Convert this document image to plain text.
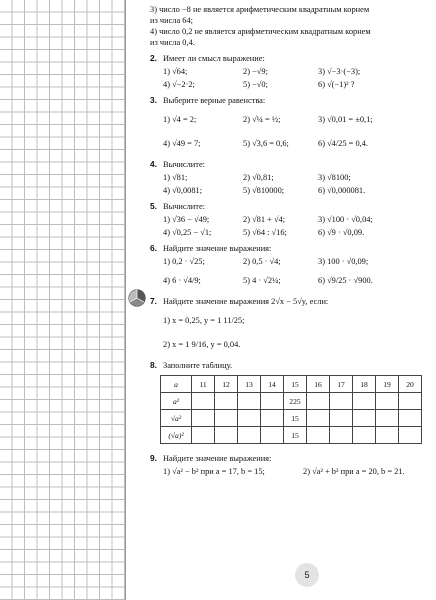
3) число −8 не является арифметическим квадратным корнем
из числа 64;
4) число 0,2 не является арифметическим квадратным корнем
из числа 0,4.
2. Имеет ли смысл выражение:
1) √64;	2) −√9;	3) √−3·(−3);
4) √−2·2;	5) −√0;	6) √(−1)² ?
3. Выберите верные равенства:
1) √4 = 2;	2) √¼ = ½;	3) √0,01 = ±0,1;
4) √49 = 7;	5) √3,6 = 0,6;	6) √4/25 = 0,4.
4. Вычислите:
1) √81;	2) √0,81;	3) √8100;
4) √0,0081;	5) √810000;	6) √0,000081.
5. Вычислите:
1) √36 − √49;	2) √81 + √4;	3) √100 · √0,04;
4) √0,25 − √1;	5) √64 : √16;	6) √9 · √0,09.
6. Найдите значение выражения:
1) 0,2 · √25;	2) 0,5 · √4;	3) 100 · √0,09;
4) 6 · √4/9;	5) 4 · √2¼;	6) √9/25 · √900.
7. Найдите значение выражения 2√x − 5√y, если:
1) x = 0,25, y = 1 11/25;
2) x = 1 9/16, y = 0,04.
8. Заполните таблицу.
a	11	12	13	14	15	16	17	18	19	20
a²					225					
√a²					15					
(√a)²					15					
9. Найдите значение выражения:
1) √a² − b² при a = 17, b = 15;	2) √a² + b² при a = 20, b = 21.
5
